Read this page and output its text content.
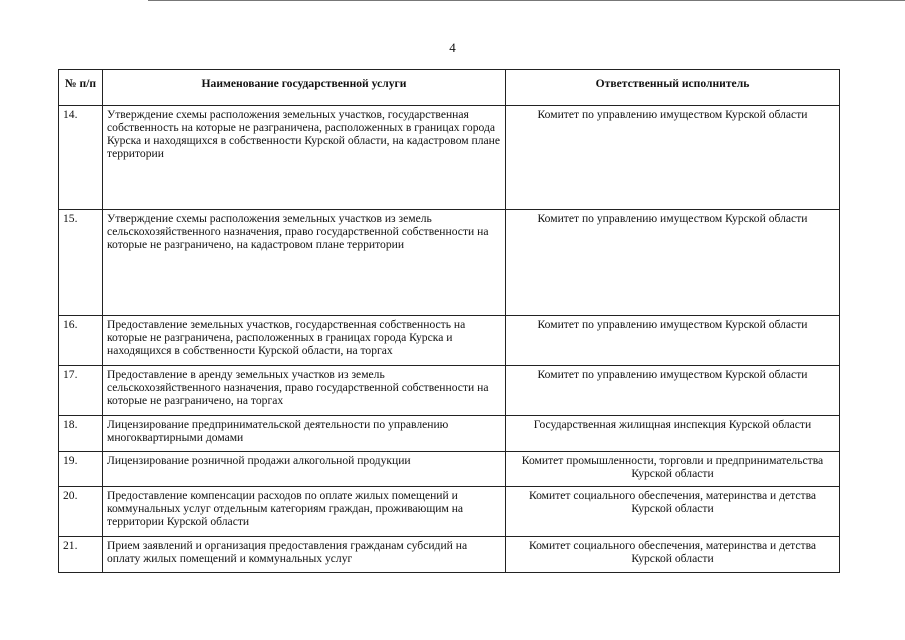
4
№ п/п	Наименование государственной услуги	Ответственный исполнитель
14.	Утверждение схемы расположения земельных участков, государственная собственность на которые не разграничена, расположенных в границах города Курска и находящихся в собственности Курской области, на кадастровом плане территории	Комитет по управлению имуществом Курской области
15.	Утверждение схемы расположения земельных участков из земель сельскохозяйственного назначения, право государственной собственности на которые не разграничено, на кадастровом плане территории	Комитет по управлению имуществом Курской области
16.	Предоставление земельных участков, государственная собственность на которые не разграничена, расположенных в границах города Курска и находящихся в собственности Курской области, на торгах	Комитет по управлению имуществом Курской области
17.	Предоставление в аренду земельных участков из земель сельскохозяйственного назначения, право государственной собственности на которые не разграничено, на торгах	Комитет по управлению имуществом Курской области
18.	Лицензирование предпринимательской деятельности по управлению многоквартирными домами	Государственная жилищная инспекция Курской области
19.	Лицензирование розничной продажи алкогольной продукции	Комитет промышленности, торговли и предпринимательства Курской области
20.	Предоставление компенсации расходов по оплате жилых помещений и коммунальных услуг отдельным категориям граждан, проживающим на территории Курской области	Комитет социального обеспечения, материнства и детства Курской области
21.	Прием заявлений и организация предоставления гражданам субсидий на оплату жилых помещений и коммунальных услуг	Комитет социального обеспечения, материнства и детства Курской области
